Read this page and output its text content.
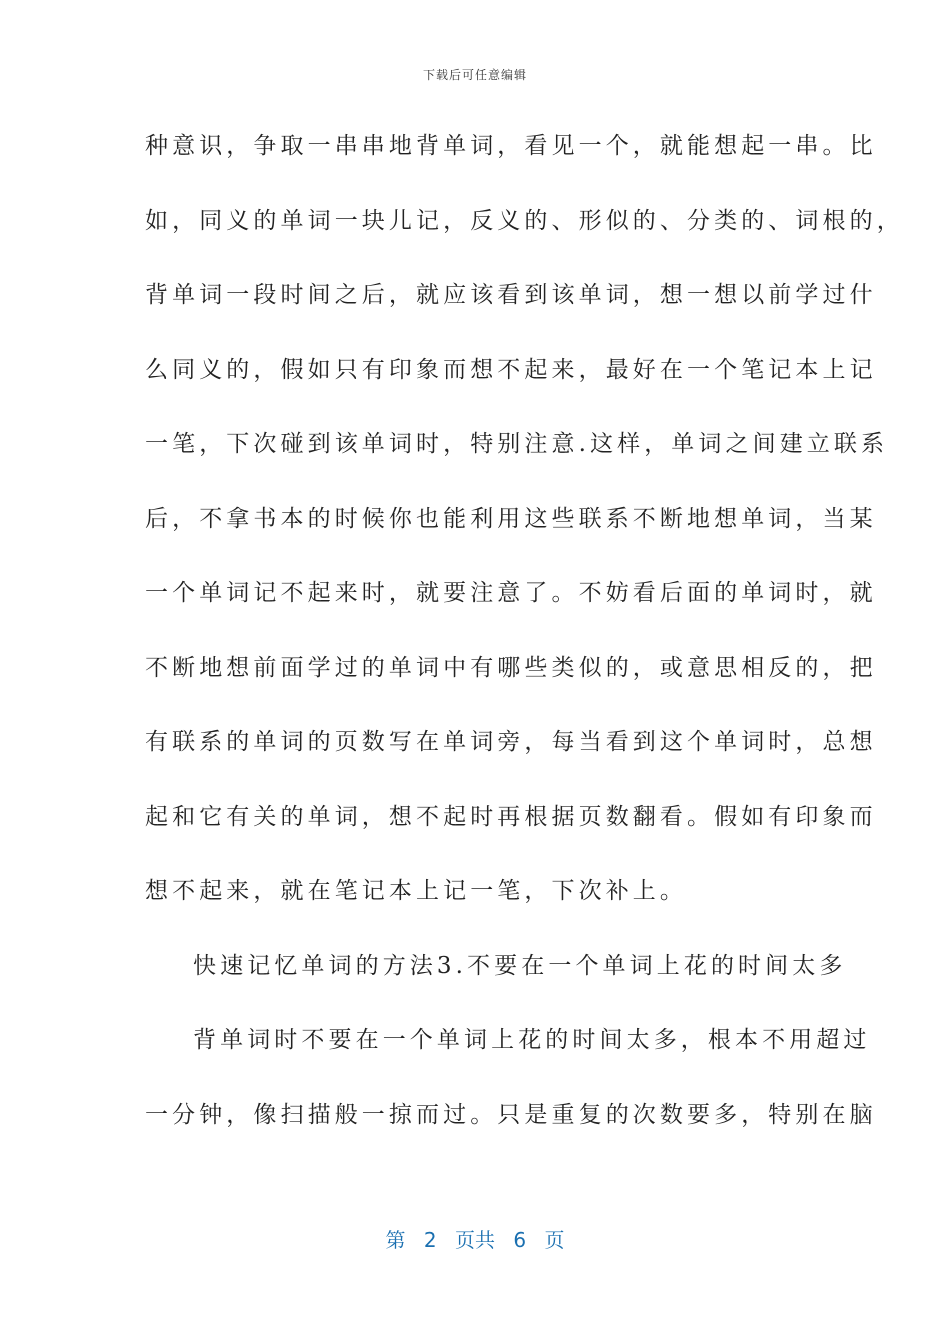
下载后可任意编辑
种意识，争取一串串地背单词，看见一个，就能想起一串。比
如，同义的单词一块儿记，反义的、形似的、分类的、词根的，
背单词一段时间之后，就应该看到该单词，想一想以前学过什
么同义的，假如只有印象而想不起来，最好在一个笔记本上记
一笔，下次碰到该单词时，特别注意.这样，单词之间建立联系
后，不拿书本的时候你也能利用这些联系不断地想单词，当某
一个单词记不起来时，就要注意了。不妨看后面的单词时，就
不断地想前面学过的单词中有哪些类似的，或意思相反的，把
有联系的单词的页数写在单词旁，每当看到这个单词时，总想
起和它有关的单词，想不起时再根据页数翻看。假如有印象而
想不起来，就在笔记本上记一笔，下次补上。
快速记忆单词的方法3.不要在一个单词上花的时间太多
背单词时不要在一个单词上花的时间太多，根本不用超过
一分钟，像扫描般一掠而过。只是重复的次数要多，特别在脑
第 2 页共 6 页
